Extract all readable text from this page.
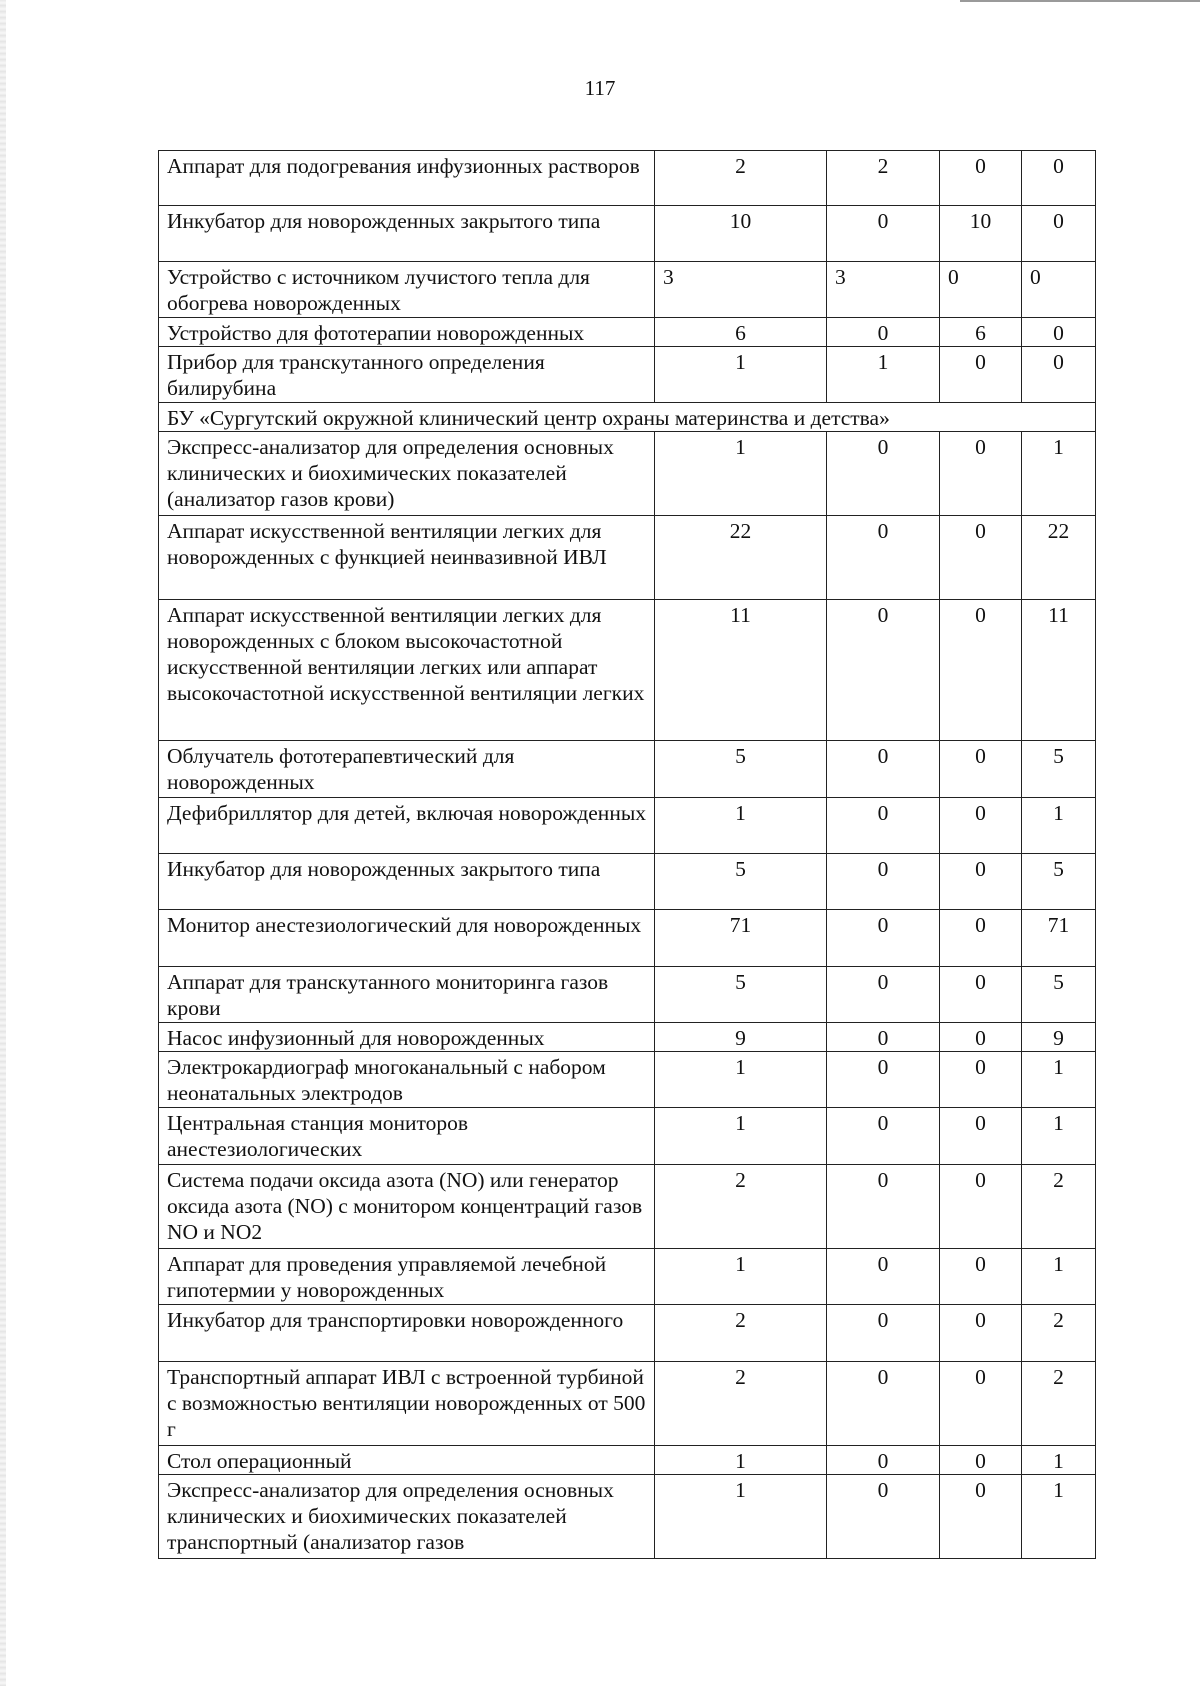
117
Аппарат для подогревания инфузионных растворов	2	2	0	0
Инкубатор для новорожденных закрытого типа	10	0	10	0
Устройство с источником лучистого тепла для обогрева новорожденных	3	3	0	0
Устройство для фототерапии новорожденных	6	0	6	0
Прибор для транскутанного определения билирубина	1	1	0	0
БУ «Сургутский окружной клинический центр охраны материнства и детства»				
Экспресс-анализатор для определения основных клинических и биохимических показателей (анализатор газов крови)	1	0	0	1
Аппарат искусственной вентиляции легких для новорожденных с функцией неинвазивной ИВЛ	22	0	0	22
Аппарат искусственной вентиляции легких для новорожденных с блоком высокочастотной искусственной вентиляции легких или аппарат высокочастотной искусственной вентиляции легких	11	0	0	11
Облучатель фототерапевтический для новорожденных	5	0	0	5
Дефибриллятор для детей, включая новорожденных	1	0	0	1
Инкубатор для новорожденных закрытого типа	5	0	0	5
Монитор анестезиологический для новорожденных	71	0	0	71
Аппарат для транскутанного мониторинга газов крови	5	0	0	5
Насос инфузионный для новорожденных	9	0	0	9
Электрокардиограф многоканальный с набором неонатальных электродов	1	0	0	1
Центральная станция мониторов анестезиологических	1	0	0	1
Система подачи оксида азота (NO) или генератор оксида азота (NO) с монитором концентраций газов NO и NO2	2	0	0	2
Аппарат для проведения управляемой лечебной гипотермии у новорожденных	1	0	0	1
Инкубатор для транспортировки новорожденного	2	0	0	2
Транспортный аппарат ИВЛ с встроенной турбиной с возможностью вентиляции новорожденных от 500 г	2	0	0	2
Стол операционный	1	0	0	1
Экспресс-анализатор для определения основных клинических и биохимических показателей транспортный (анализатор газов	1	0	0	1
